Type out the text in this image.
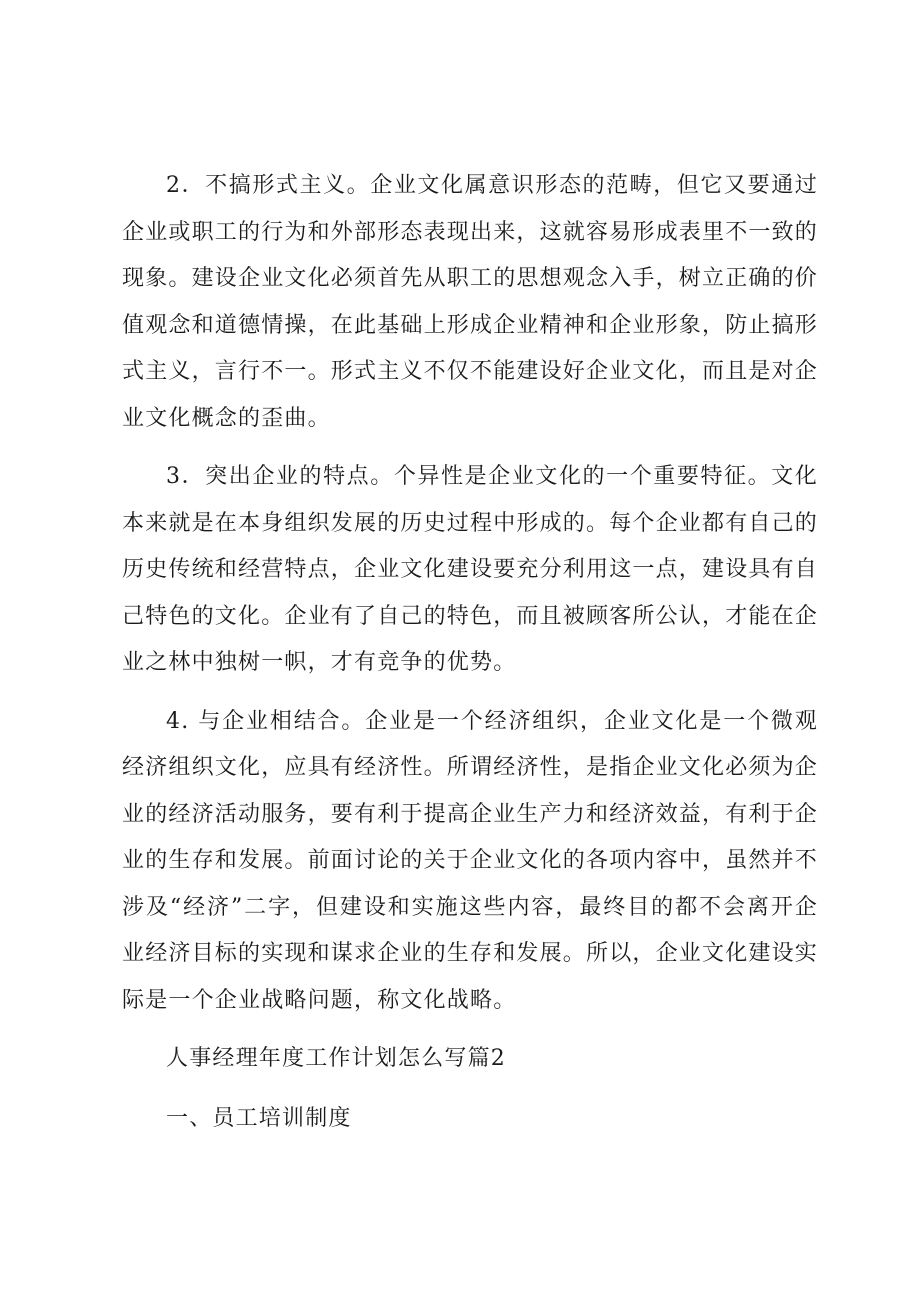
2．不搞形式主义。企业文化属意识形态的范畴，但它又要通过企业或职工的行为和外部形态表现出来，这就容易形成表里不一致的现象。建设企业文化必须首先从职工的思想观念入手，树立正确的价值观念和道德情操，在此基础上形成企业精神和企业形象，防止搞形式主义，言行不一。形式主义不仅不能建设好企业文化，而且是对企业文化概念的歪曲。

3．突出企业的特点。个异性是企业文化的一个重要特征。文化本来就是在本身组织发展的历史过程中形成的。每个企业都有自己的历史传统和经营特点，企业文化建设要充分利用这一点，建设具有自己特色的文化。企业有了自己的特色，而且被顾客所公认，才能在企业之林中独树一帜，才有竞争的优势。

4. 与企业相结合。企业是一个经济组织，企业文化是一个微观经济组织文化，应具有经济性。所谓经济性，是指企业文化必须为企业的经济活动服务，要有利于提高企业生产力和经济效益，有利于企业的生存和发展。前面讨论的关于企业文化的各项内容中，虽然并不涉及“经济”二字，但建设和实施这些内容，最终目的都不会离开企业经济目标的实现和谋求企业的生存和发展。所以，企业文化建设实际是一个企业战略问题，称文化战略。

人事经理年度工作计划怎么写篇2

一、员工培训制度
